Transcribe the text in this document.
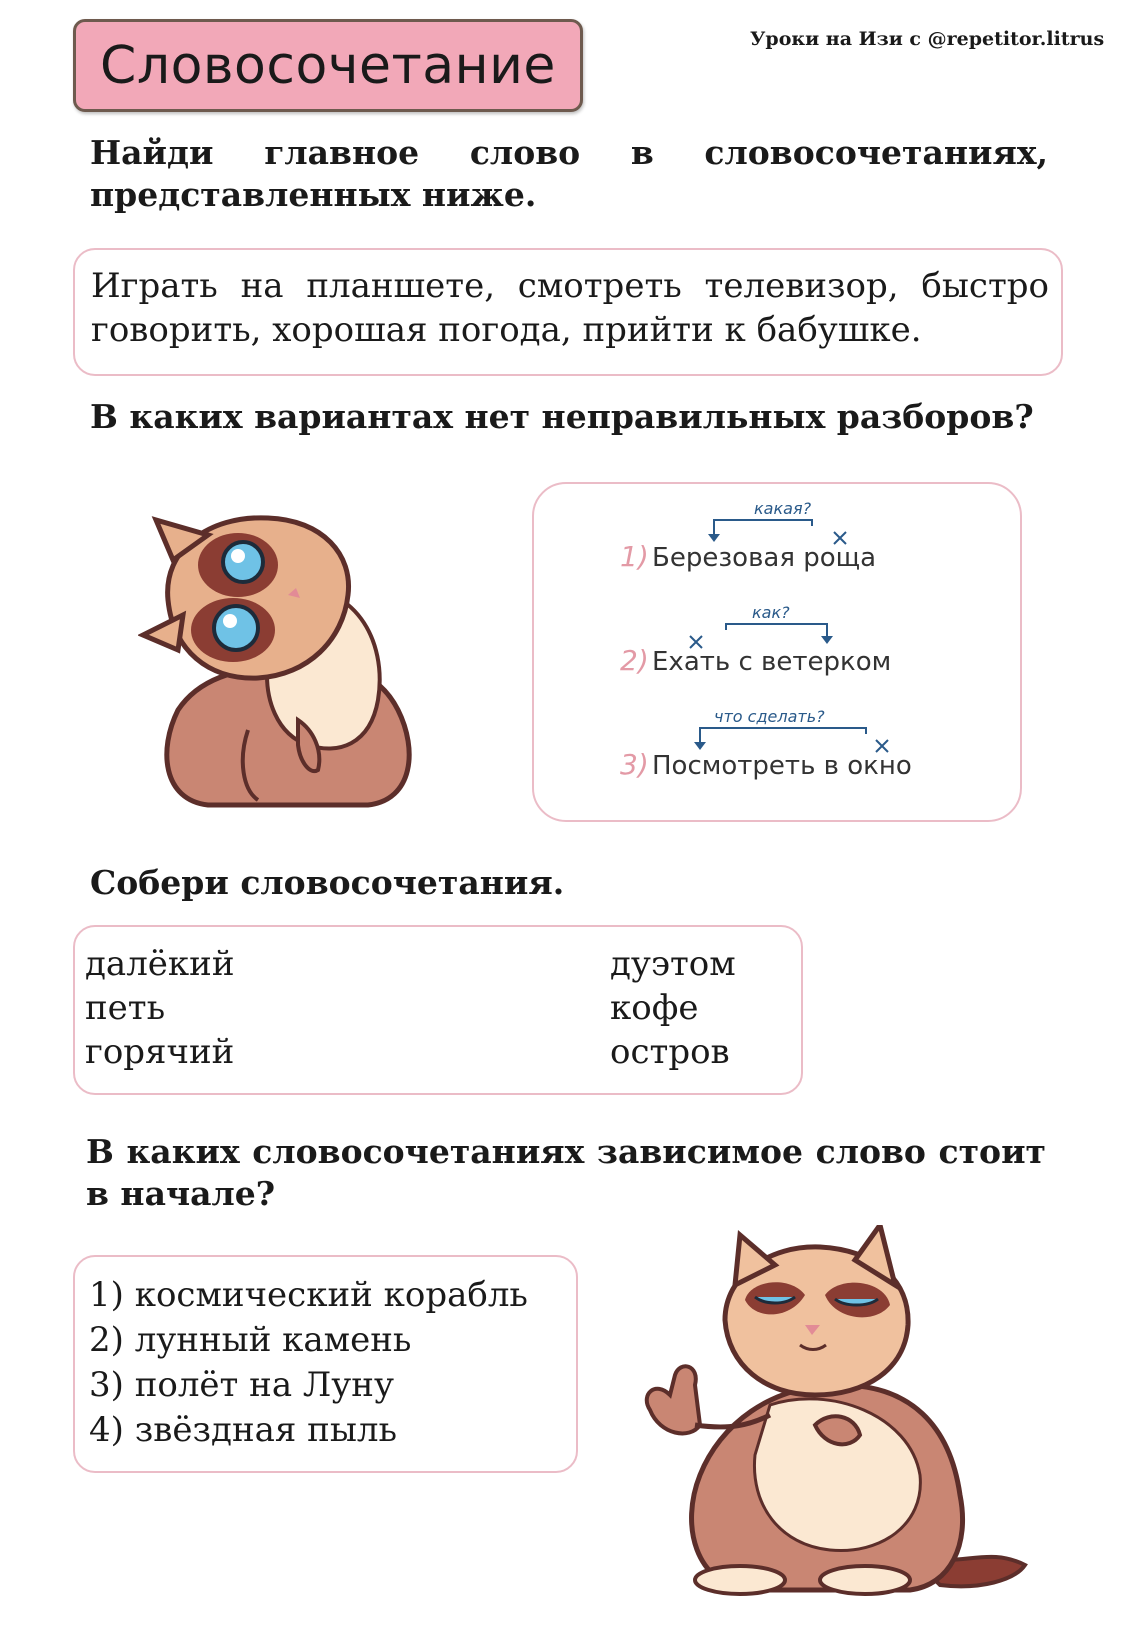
Словосочетание	Уроки на Изи с @repetitor.litrus
Найди главное слово в словосочетаниях, представленных ниже.
Играть на планшете, смотреть телевизор, быстро говорить, хорошая погода, прийти к бабушке.
В каких вариантах нет неправильных разборов?
какая?
1) Березовая роща
как?
2) Ехать с ветерком
что сделать?
3) Посмотреть в окно
Собери словосочетания.
далёкий
петь
горячий
дуэтом
кофе
остров
В каких словосочетаниях зависимое слово стоит в начале?
1) космический корабль
2) лунный камень
3) полёт на Луну
4) звёздная пыль
